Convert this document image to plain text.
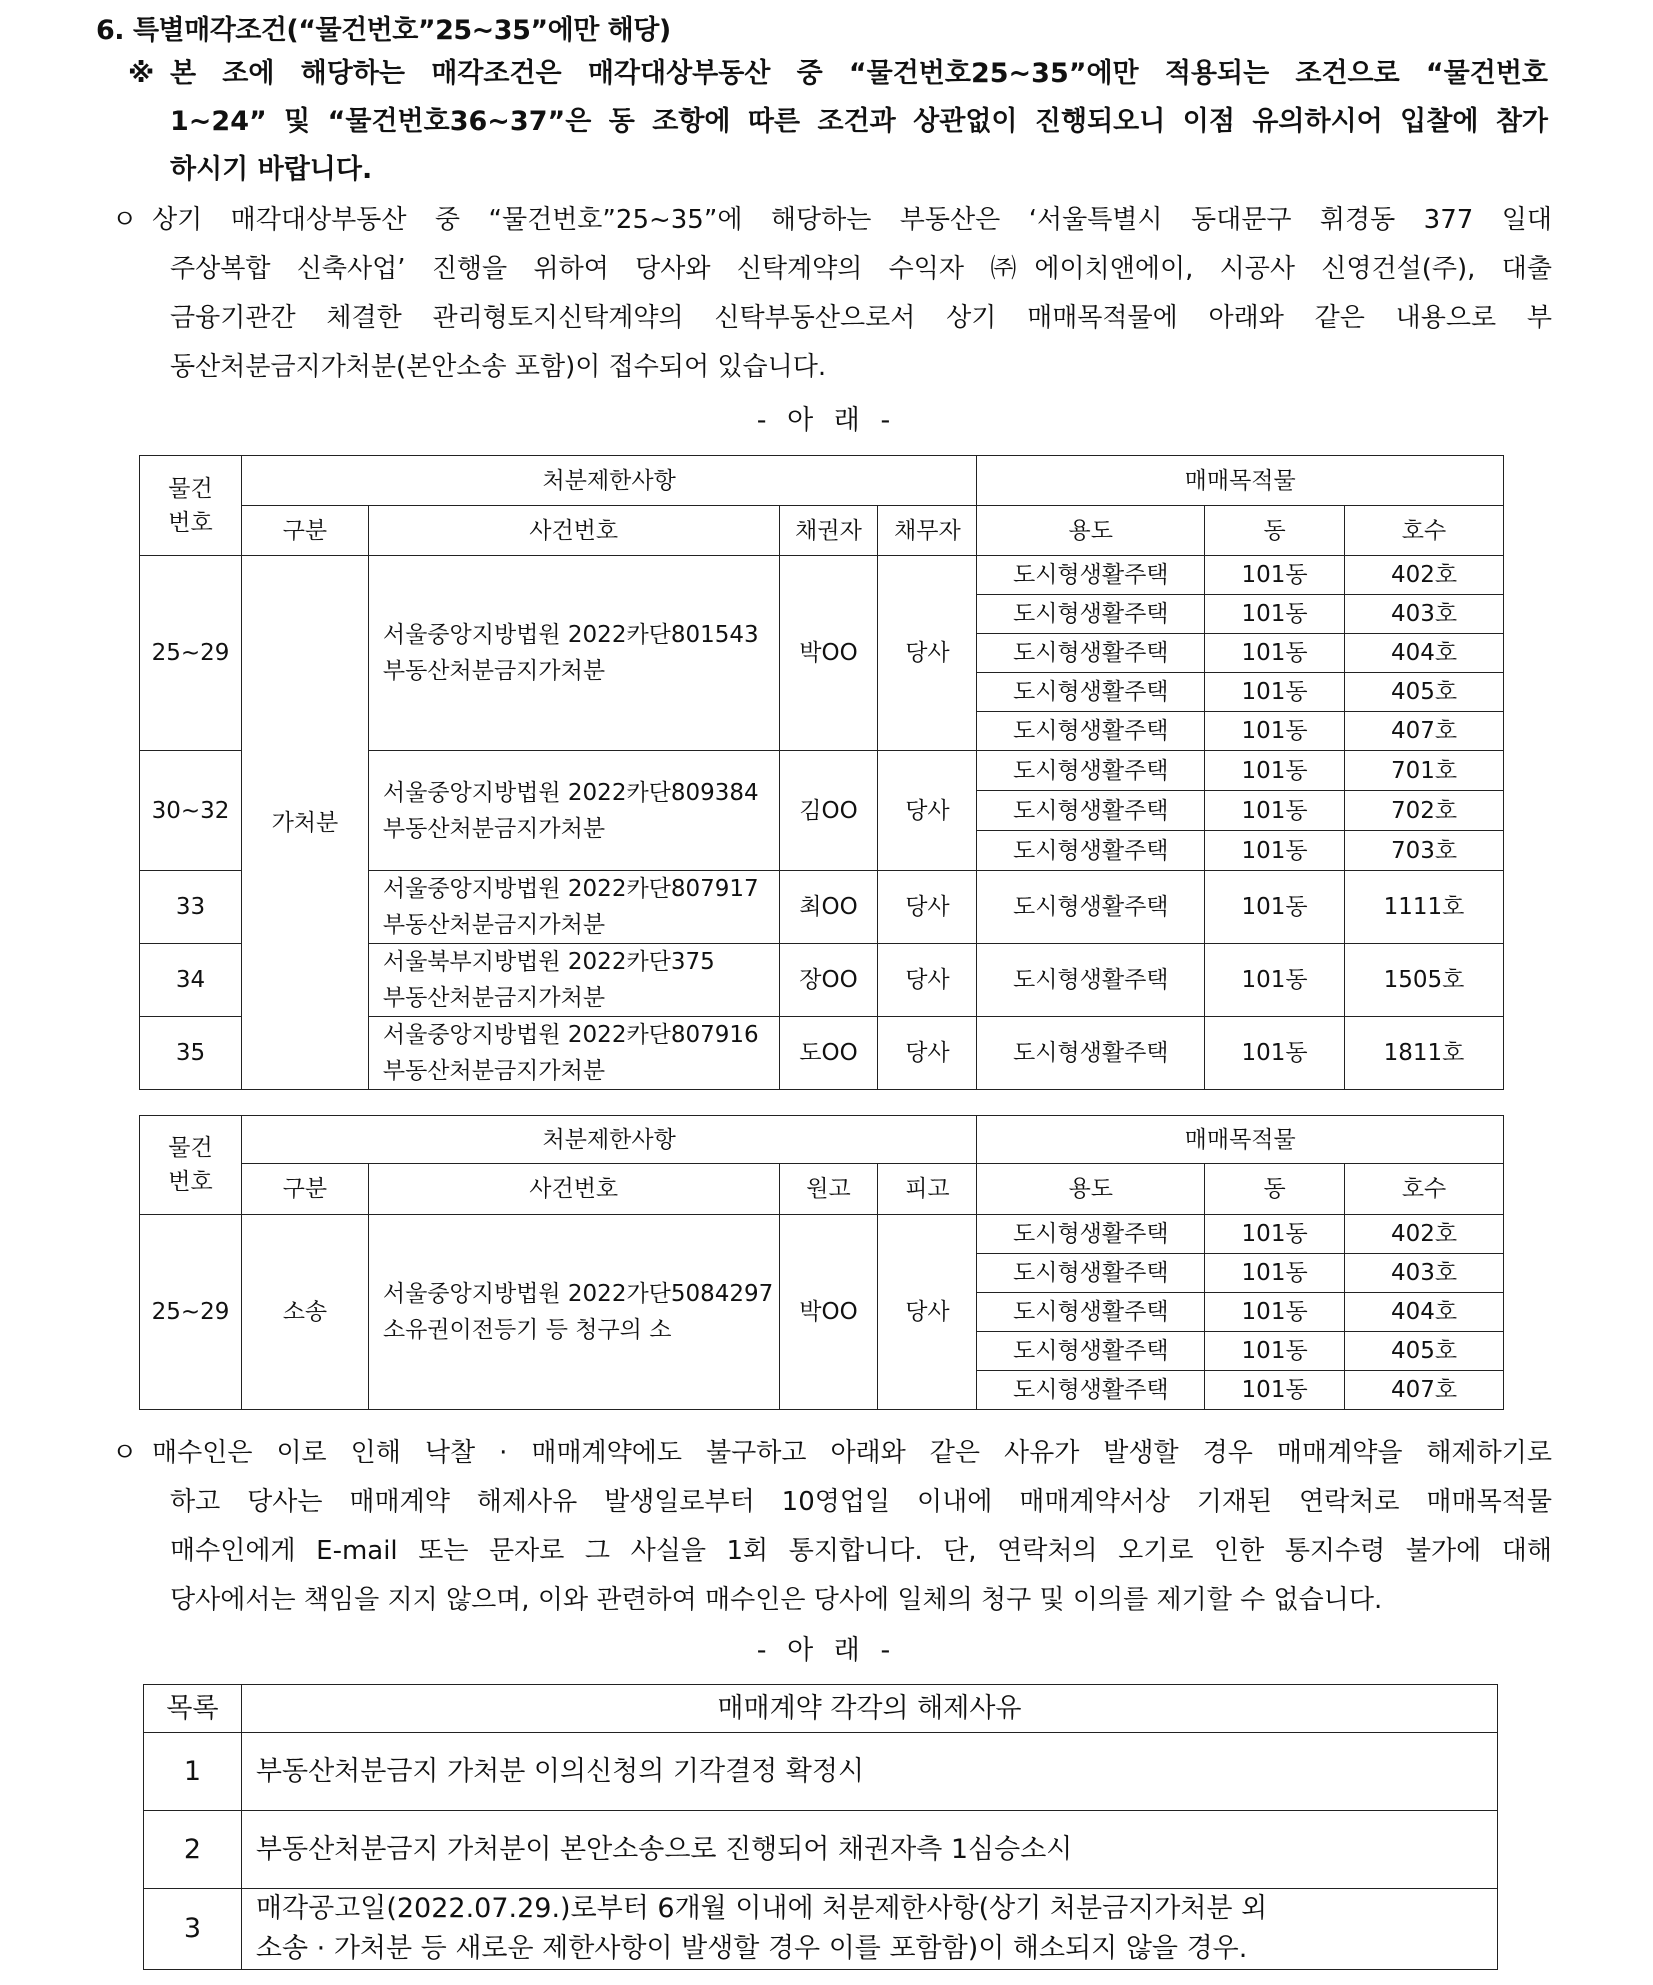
6. 특별매각조건(“물건번호”25~35”에만 해당)
※ 본 조에 해당하는 매각조건은 매각대상부동산 중 “물건번호25~35”에만 적용되는 조건으로 “물건번호
1~24” 및 “물건번호36~37”은 동 조항에 따른 조건과 상관없이 진행되오니 이점 유의하시어 입찰에 참가
하시기 바랍니다.
ㅇ 상기 매각대상부동산 중 “물건번호”25~35”에 해당하는 부동산은 ‘서울특별시 동대문구 휘경동 377 일대
주상복합 신축사업’ 진행을 위하여 당사와 신탁계약의 수익자 ㈜에이치앤에이, 시공사 신영건설(주), 대출
금융기관간 체결한 관리형토지신탁계약의 신탁부동산으로서 상기 매매목적물에 아래와 같은 내용으로 부
동산처분금지가처분(본안소송 포함)이 접수되어 있습니다.
- 아 래 -
물건
번호	처분제한사항				매매목적물		
	구분	사건번호	채권자	채무자	용도	동	호수
25~29	가처분	서울중앙지방법원 2022카단801543
부동산처분금지가처분	박OO	당사	도시형생활주택	101동	402호
					도시형생활주택	101동	403호
					도시형생활주택	101동	404호
					도시형생활주택	101동	405호
					도시형생활주택	101동	407호
30~32		서울중앙지방법원 2022카단809384
부동산처분금지가처분	김OO	당사	도시형생활주택	101동	701호
					도시형생활주택	101동	702호
					도시형생활주택	101동	703호
33		서울중앙지방법원 2022카단807917
부동산처분금지가처분	최OO	당사	도시형생활주택	101동	1111호
34		서울북부지방법원 2022카단375
부동산처분금지가처분	장OO	당사	도시형생활주택	101동	1505호
35		서울중앙지방법원 2022카단807916
부동산처분금지가처분	도OO	당사	도시형생활주택	101동	1811호
물건
번호	처분제한사항				매매목적물		
	구분	사건번호	원고	피고	용도	동	호수
25~29	소송	서울중앙지방법원 2022가단5084297
소유권이전등기 등 청구의 소	박OO	당사	도시형생활주택	101동	402호
					도시형생활주택	101동	403호
					도시형생활주택	101동	404호
					도시형생활주택	101동	405호
					도시형생활주택	101동	407호
ㅇ 매수인은 이로 인해 낙찰 · 매매계약에도 불구하고 아래와 같은 사유가 발생할 경우 매매계약을 해제하기로
하고 당사는 매매계약 해제사유 발생일로부터 10영업일 이내에 매매계약서상 기재된 연락처로 매매목적물
매수인에게 E-mail 또는 문자로 그 사실을 1회 통지합니다. 단, 연락처의 오기로 인한 통지수령 불가에 대해
당사에서는 책임을 지지 않으며, 이와 관련하여 매수인은 당사에 일체의 청구 및 이의를 제기할 수 없습니다.
- 아 래 -
목록	매매계약 각각의 해제사유
1	부동산처분금지 가처분 이의신청의 기각결정 확정시
2	부동산처분금지 가처분이 본안소송으로 진행되어 채권자측 1심승소시
3	매각공고일(2022.07.29.)로부터 6개월 이내에 처분제한사항(상기 처분금지가처분 외
소송 · 가처분 등 새로운 제한사항이 발생할 경우 이를 포함함)이 해소되지 않을 경우.
